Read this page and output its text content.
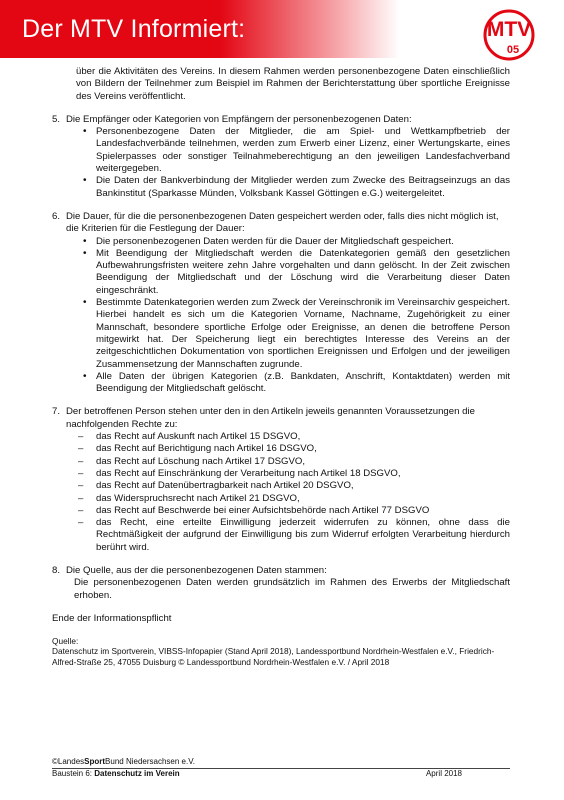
Der MTV Informiert:	MTV
05
über die Aktivitäten des Vereins. In diesem Rahmen werden personenbezogene Daten einschließlich von Bildern der Teilnehmer zum Beispiel im Rahmen der Berichterstattung über sportliche Ereignisse des Vereins veröffentlicht.
5. Die Empfänger oder Kategorien von Empfängern der personenbezogenen Daten:
• Personenbezogene Daten der Mitglieder, die am Spiel- und Wettkampfbetrieb der Landesfachverbände teilnehmen, werden zum Erwerb einer Lizenz, einer Wertungskarte, eines Spielerpasses oder sonstiger Teilnahmeberechtigung an den jeweiligen Landesfachverband weitergegeben.
• Die Daten der Bankverbindung der Mitglieder werden zum Zwecke des Beitragseinzugs an das Bankinstitut (Sparkasse Münden, Volksbank Kassel Göttingen e.G.) weitergeleitet.
6. Die Dauer, für die die personenbezogenen Daten gespeichert werden oder, falls dies nicht möglich ist, die Kriterien für die Festlegung der Dauer:
• Die personenbezogenen Daten werden für die Dauer der Mitgliedschaft gespeichert.
• Mit Beendigung der Mitgliedschaft werden die Datenkategorien gemäß den gesetzlichen Aufbewahrungsfristen weitere zehn Jahre vorgehalten und dann gelöscht. In der Zeit zwischen Beendigung der Mitgliedschaft und der Löschung wird die Verarbeitung dieser Daten eingeschränkt.
• Bestimmte Datenkategorien werden zum Zweck der Vereinschronik im Vereinsarchiv gespeichert. Hierbei handelt es sich um die Kategorien Vorname, Nachname, Zugehörigkeit zu einer Mannschaft, besondere sportliche Erfolge oder Ereignisse, an denen die betroffene Person mitgewirkt hat. Der Speicherung liegt ein berechtigtes Interesse des Vereins an der zeitgeschichtlichen Dokumentation von sportlichen Ereignissen und Erfolgen und der jeweiligen Zusammensetzung der Mannschaften zugrunde.
• Alle Daten der übrigen Kategorien (z.B. Bankdaten, Anschrift, Kontaktdaten) werden mit Beendigung der Mitgliedschaft gelöscht.
7. Der betroffenen Person stehen unter den in den Artikeln jeweils genannten Voraussetzungen die nachfolgenden Rechte zu:
– das Recht auf Auskunft nach Artikel 15 DSGVO,
– das Recht auf Berichtigung nach Artikel 16 DSGVO,
– das Recht auf Löschung nach Artikel 17 DSGVO,
– das Recht auf Einschränkung der Verarbeitung nach Artikel 18 DSGVO,
– das Recht auf Datenübertragbarkeit nach Artikel 20 DSGVO,
– das Widerspruchsrecht nach Artikel 21 DSGVO,
– das Recht auf Beschwerde bei einer Aufsichtsbehörde nach Artikel 77 DSGVO
– das Recht, eine erteilte Einwilligung jederzeit widerrufen zu können, ohne dass die Rechtmäßigkeit der aufgrund der Einwilligung bis zum Widerruf erfolgten Verarbeitung hierdurch berührt wird.
8. Die Quelle, aus der die personenbezogenen Daten stammen:
Die personenbezogenen Daten werden grundsätzlich im Rahmen des Erwerbs der Mitgliedschaft erhoben.
Ende der Informationspflicht
Quelle:
Datenschutz im Sportverein, VIBSS-Infopapier (Stand April 2018), Landessportbund Nordrhein-Westfalen e.V., Friedrich-Alfred-Straße 25, 47055 Duisburg © Landessportbund Nordrhein-Westfalen e.V. / April 2018
©LandesSportBund Niedersachsen e.V.
Baustein 6: Datenschutz im Verein	April 2018
